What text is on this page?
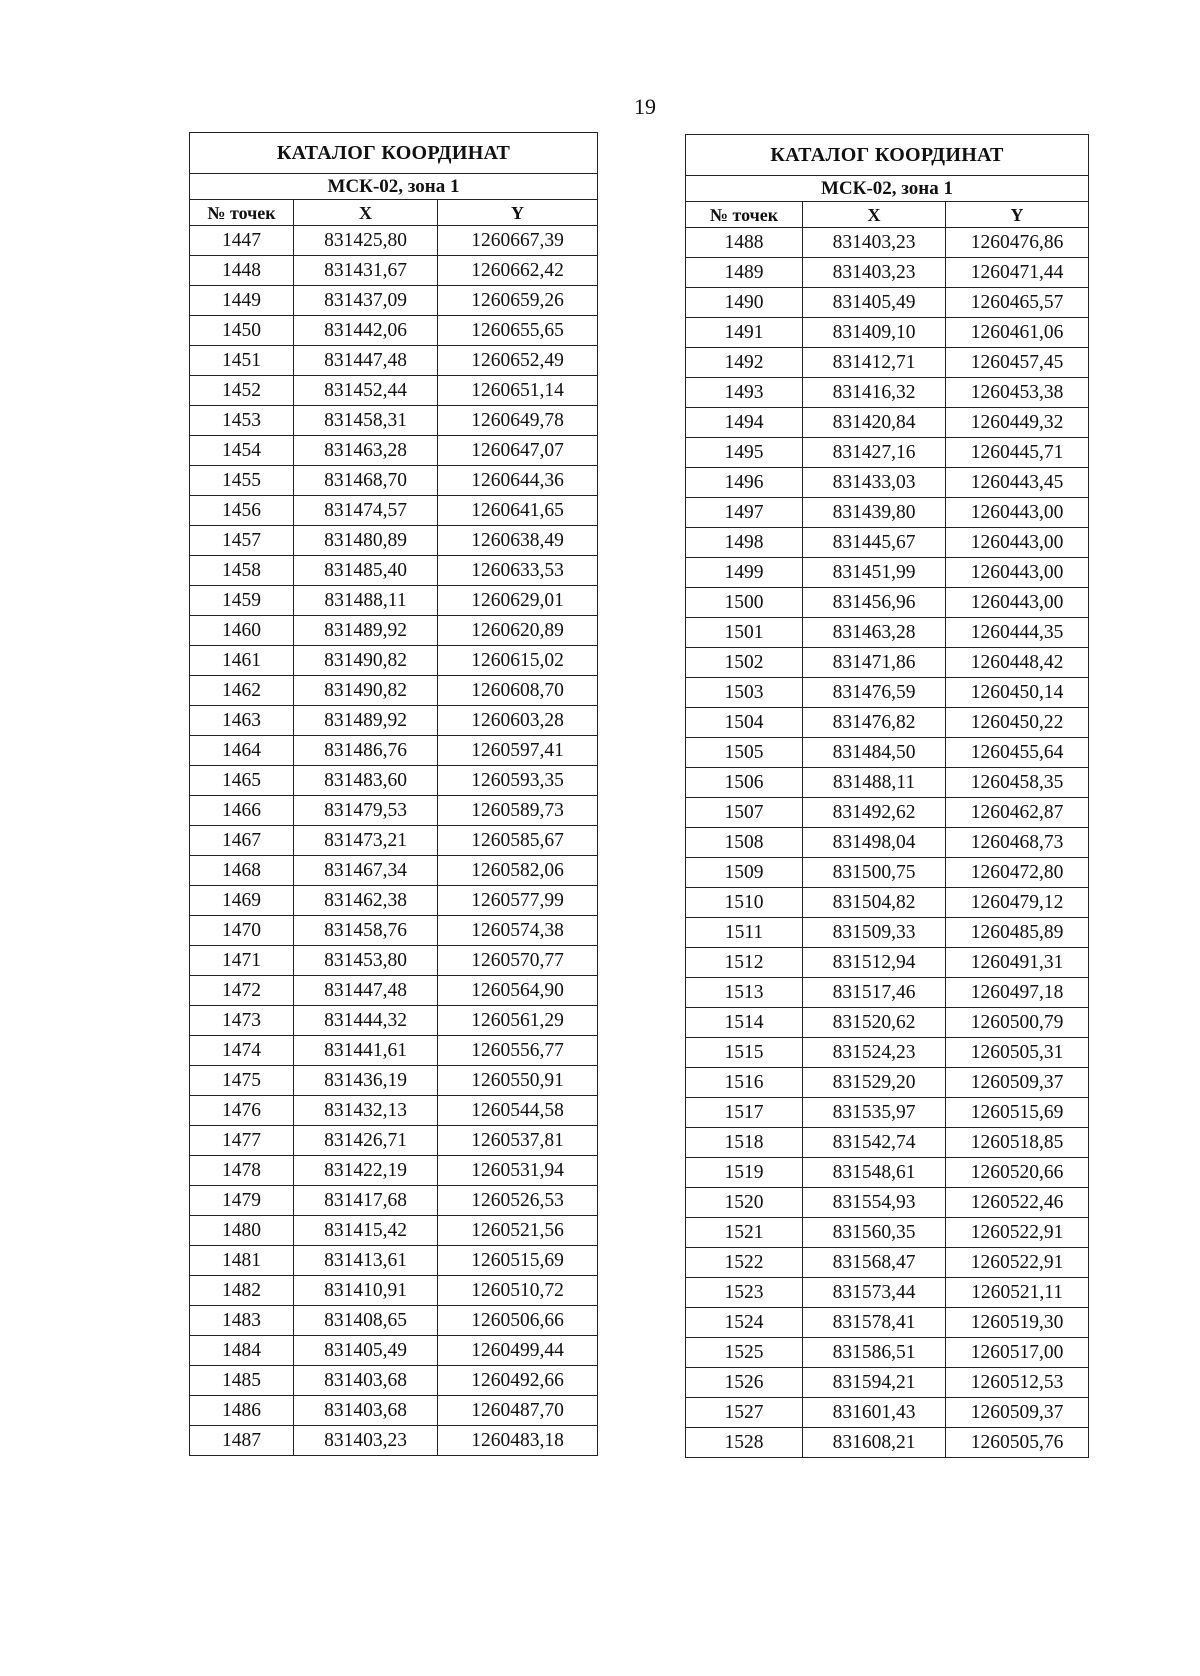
19
КАТАЛОГ КООРДИНАТ		
МСК-02, зона 1		
№ точек	X	Y
1447	831425,80	1260667,39
1448	831431,67	1260662,42
1449	831437,09	1260659,26
1450	831442,06	1260655,65
1451	831447,48	1260652,49
1452	831452,44	1260651,14
1453	831458,31	1260649,78
1454	831463,28	1260647,07
1455	831468,70	1260644,36
1456	831474,57	1260641,65
1457	831480,89	1260638,49
1458	831485,40	1260633,53
1459	831488,11	1260629,01
1460	831489,92	1260620,89
1461	831490,82	1260615,02
1462	831490,82	1260608,70
1463	831489,92	1260603,28
1464	831486,76	1260597,41
1465	831483,60	1260593,35
1466	831479,53	1260589,73
1467	831473,21	1260585,67
1468	831467,34	1260582,06
1469	831462,38	1260577,99
1470	831458,76	1260574,38
1471	831453,80	1260570,77
1472	831447,48	1260564,90
1473	831444,32	1260561,29
1474	831441,61	1260556,77
1475	831436,19	1260550,91
1476	831432,13	1260544,58
1477	831426,71	1260537,81
1478	831422,19	1260531,94
1479	831417,68	1260526,53
1480	831415,42	1260521,56
1481	831413,61	1260515,69
1482	831410,91	1260510,72
1483	831408,65	1260506,66
1484	831405,49	1260499,44
1485	831403,68	1260492,66
1486	831403,68	1260487,70
1487	831403,23	1260483,18
КАТАЛОГ КООРДИНАТ		
МСК-02, зона 1		
№ точек	X	Y
1488	831403,23	1260476,86
1489	831403,23	1260471,44
1490	831405,49	1260465,57
1491	831409,10	1260461,06
1492	831412,71	1260457,45
1493	831416,32	1260453,38
1494	831420,84	1260449,32
1495	831427,16	1260445,71
1496	831433,03	1260443,45
1497	831439,80	1260443,00
1498	831445,67	1260443,00
1499	831451,99	1260443,00
1500	831456,96	1260443,00
1501	831463,28	1260444,35
1502	831471,86	1260448,42
1503	831476,59	1260450,14
1504	831476,82	1260450,22
1505	831484,50	1260455,64
1506	831488,11	1260458,35
1507	831492,62	1260462,87
1508	831498,04	1260468,73
1509	831500,75	1260472,80
1510	831504,82	1260479,12
1511	831509,33	1260485,89
1512	831512,94	1260491,31
1513	831517,46	1260497,18
1514	831520,62	1260500,79
1515	831524,23	1260505,31
1516	831529,20	1260509,37
1517	831535,97	1260515,69
1518	831542,74	1260518,85
1519	831548,61	1260520,66
1520	831554,93	1260522,46
1521	831560,35	1260522,91
1522	831568,47	1260522,91
1523	831573,44	1260521,11
1524	831578,41	1260519,30
1525	831586,51	1260517,00
1526	831594,21	1260512,53
1527	831601,43	1260509,37
1528	831608,21	1260505,76
